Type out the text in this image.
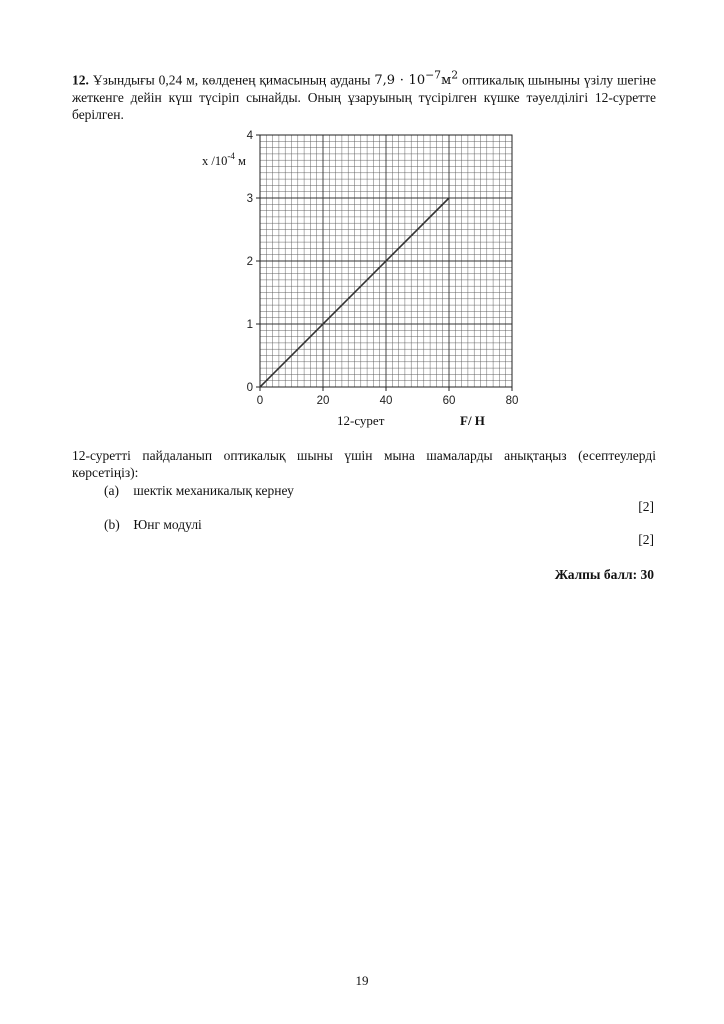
12. Ұзындығы 0,24 м, көлденең қимасының ауданы $7,9 \cdot 10^{-7}м^2$ оптикалық шыныны үзілу шегіне жеткенге дейін күш түсіріп сынайды. Оның ұзаруының түсірілген күшке тәуелділігі 12-суретте берілген.
0	20	40	60	80
0
1
2
3
4
x $/10^{-4}$ м
12-сурет	F/ Н
12-суретті пайдаланып оптикалық шыны үшін мына шамаларды анықтаңыз (есептеулерді көрсетіңіз):
(a) шектік механикалық кернеу
[2]
(b) Юнг модулі
[2]
Жалпы балл: 30
19
